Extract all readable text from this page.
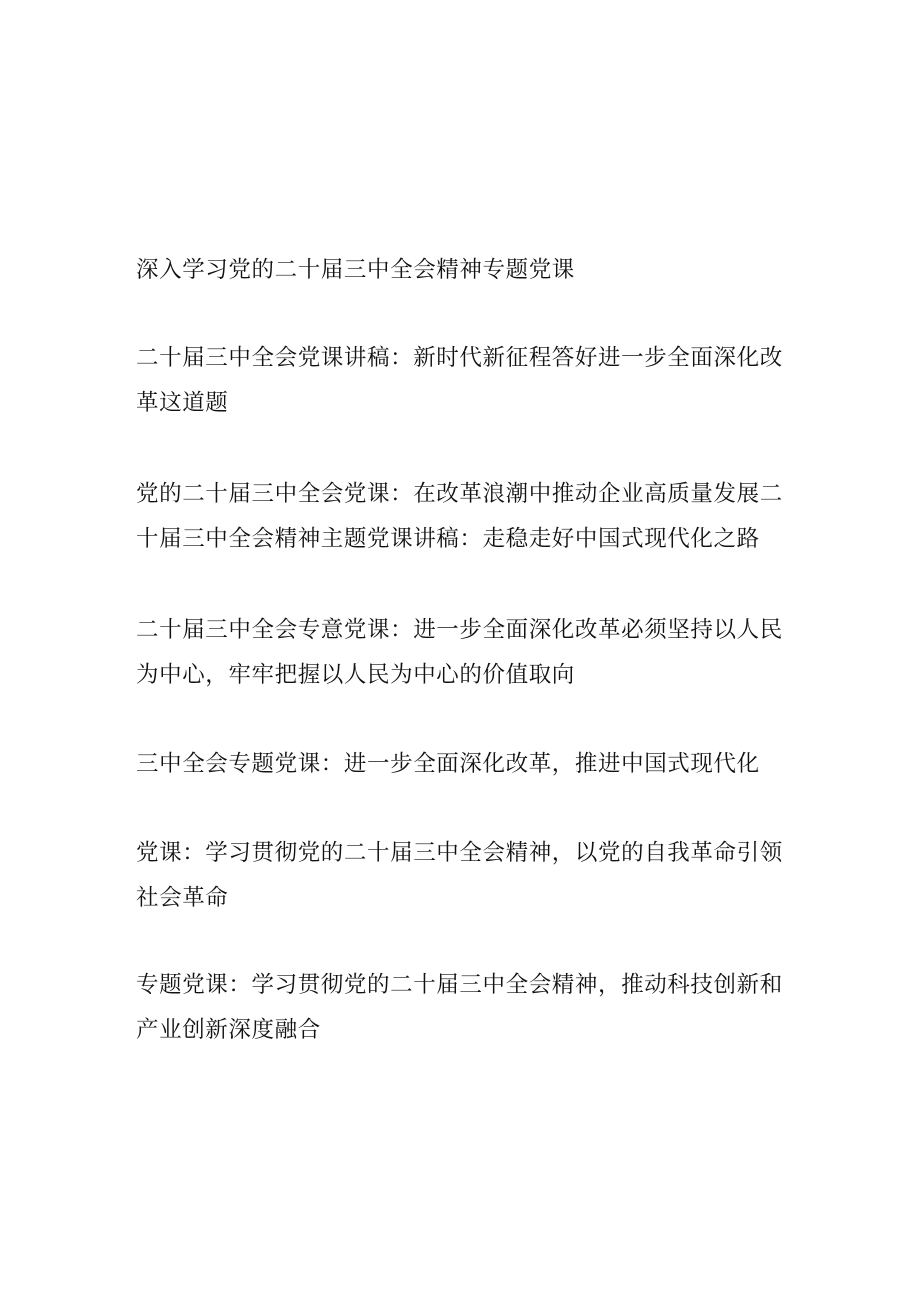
深入学习党的二十届三中全会精神专题党课

二十届三中全会党课讲稿：新时代新征程答好进一步全面深化改
革这道题

党的二十届三中全会党课：在改革浪潮中推动企业高质量发展二
十届三中全会精神主题党课讲稿：走稳走好中国式现代化之路

二十届三中全会专意党课：进一步全面深化改革必须坚持以人民
为中心，牢牢把握以人民为中心的价值取向

三中全会专题党课：进一步全面深化改革，推进中国式现代化

党课：学习贯彻党的二十届三中全会精神，以党的自我革命引领
社会革命

专题党课：学习贯彻党的二十届三中全会精神，推动科技创新和
产业创新深度融合
